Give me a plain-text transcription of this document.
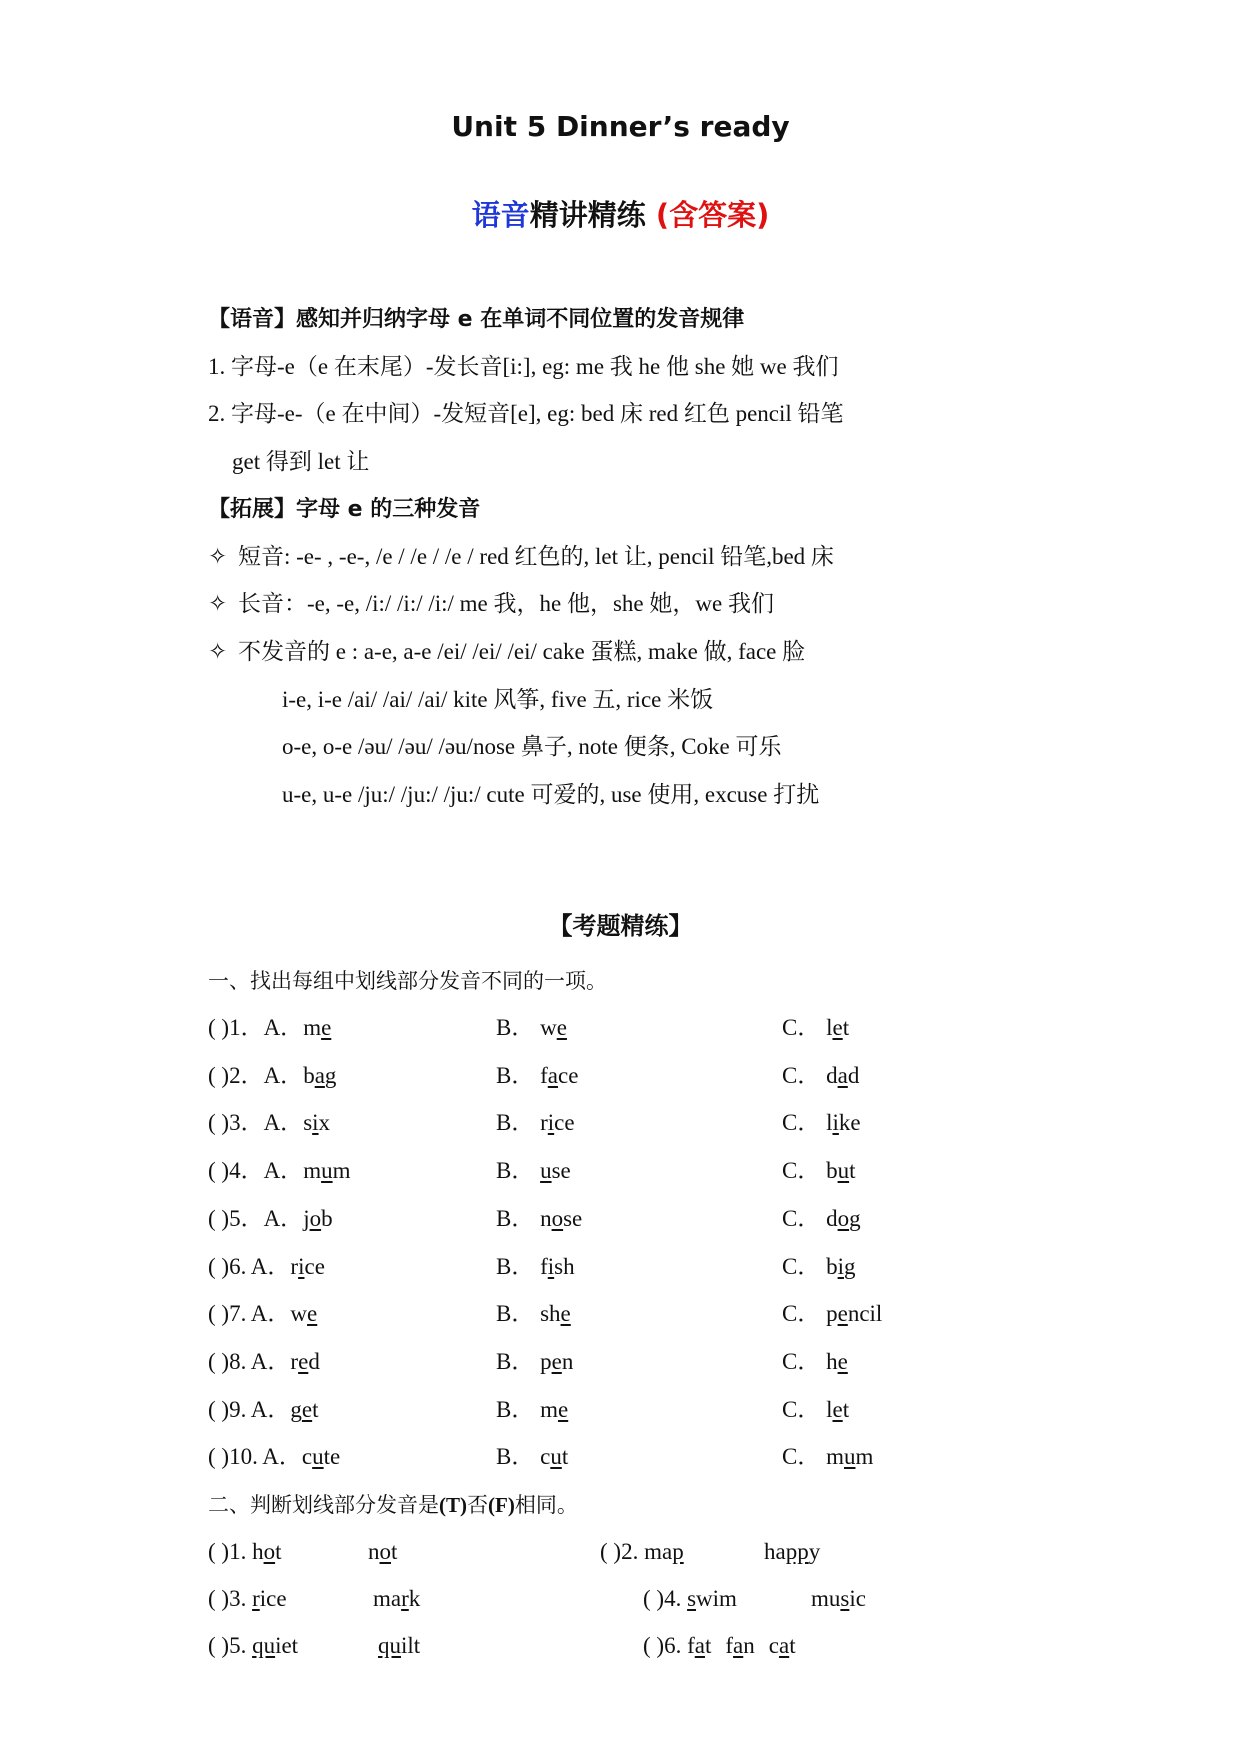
Unit 5 Dinner’s ready
语音精讲精练 (含答案)
【语音】感知并归纳字母 e 在单词不同位置的发音规律
1. 字母-e（e 在末尾）-发长音[i:], eg: me 我 he 他 she 她 we 我们
2. 字母-e-（e 在中间）-发短音[e], eg: bed 床 red 红色 pencil 铅笔
get 得到 let 让
【拓展】字母 e 的三种发音
✧ 短音: -e- , -e-, /e / /e / /e / red 红色的, let 让, pencil 铅笔,bed 床
✧ 长音：-e, -e, /i:/ /i:/ /i:/ me 我，he 他，she 她，we 我们
✧ 不发音的 e : a-e, a-e /ei/ /ei/ /ei/ cake 蛋糕, make 做, face 脸
i-e, i-e /ai/ /ai/ /ai/ kite 风筝, five 五, rice 米饭
o-e, o-e /əu/ /əu/ /əu/nose 鼻子, note 便条, Coke 可乐
u-e, u-e /ju:/ /ju:/ /ju:/ cute 可爱的, use 使用, excuse 打扰
【考题精练】
一、找出每组中划线部分发音不同的一项。
( )1．A．me	B． we	C． let
( )2．A．bag	B． face	C． dad
( )3．A．six	B． rice	C． like
( )4．A．mum	B． use	C． but
( )5．A．job	B． nose	C． dog
( )6. A．rice	B． fish	C． big
( )7. A．we	B． she	C． pencil
( )8. A．red	B． pen	C． he
( )9. A．get	B． me	C． let
( )10. A．cute	B． cut	C． mum
二、判断划线部分发音是(T)否(F)相同。
( )1. hot	not	( )2. map	happy
( )3. rice	mark	( )4. swim	music
( )5. quiet	quilt	( )6. fat fan cat
